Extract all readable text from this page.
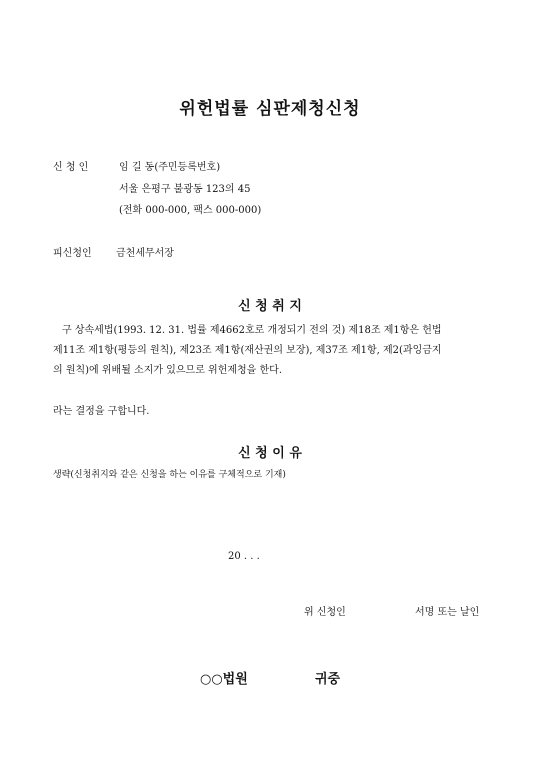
위헌법률 심판제청신청
신 청 인	임 길 동(주민등록번호)
서울 은평구 불광동 123의 45
(전화 000-000, 팩스 000-000)
피신청인 금천세무서장
신 청 취 지
구 상속세법(1993. 12. 31. 법률 제4662호로 개정되기 전의 것) 제18조 제1항은 헌법
제11조 제1항(평등의 원칙), 제23조 제1항(재산권의 보장), 제37조 제1항, 제2(과잉금지
의 원칙)에 위배될 소지가 있으므로 위헌제청을 한다.
라는 결정을 구합니다.
신 청 이 유
생략(신청취지와 같은 신청을 하는 이유를 구체적으로 기재)
20 . . .
위 신청인	서명 또는 날인
○○법원	귀중
